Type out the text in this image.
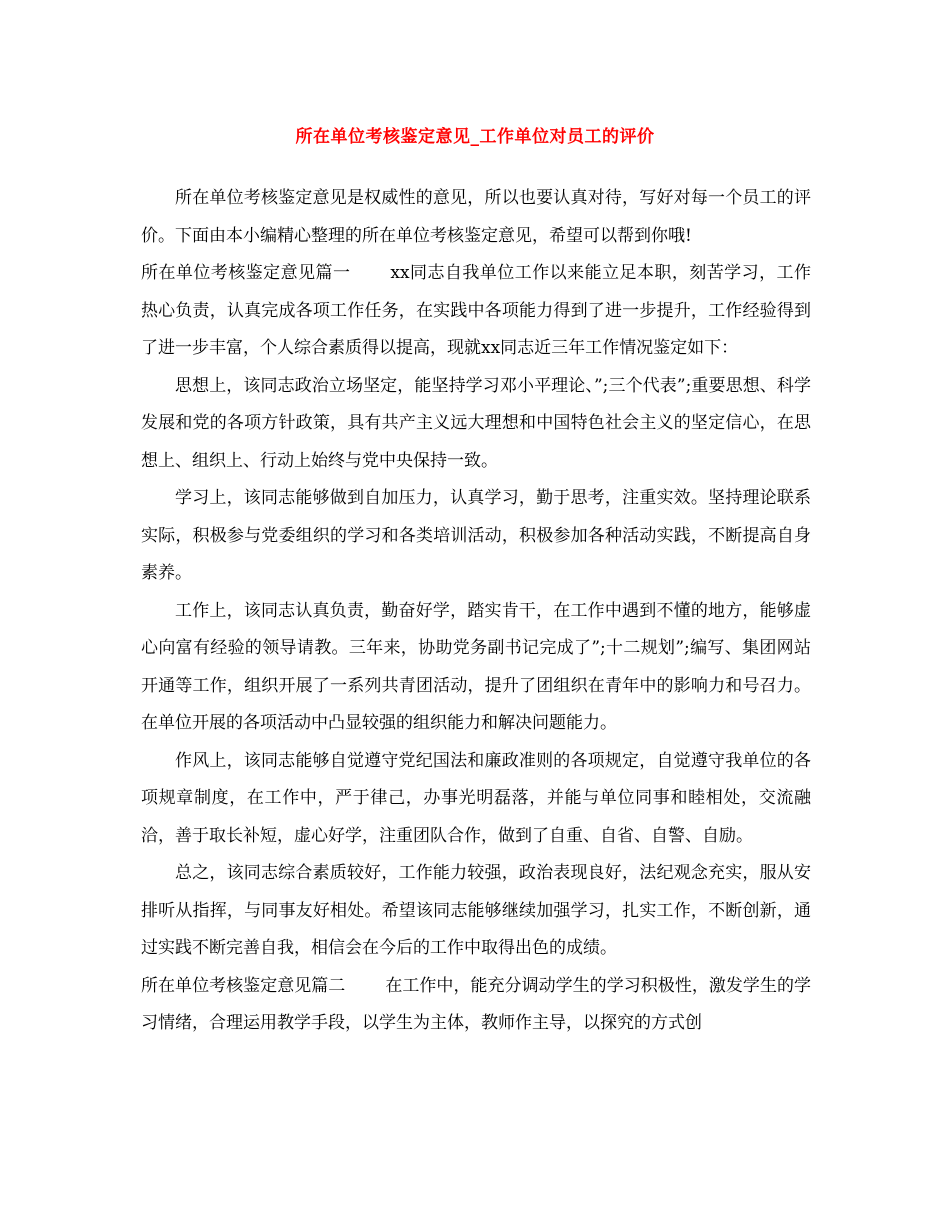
所在单位考核鉴定意见_工作单位对员工的评价

所在单位考核鉴定意见是权威性的意见，所以也要认真对待，写好对每一个员工的评价。下面由本小编精心整理的所在单位考核鉴定意见，希望可以帮到你哦!

所在单位考核鉴定意见篇一 xx同志自我单位工作以来能立足本职，刻苦学习，工作热心负责，认真完成各项工作任务，在实践中各项能力得到了进一步提升，工作经验得到了进一步丰富，个人综合素质得以提高，现就xx同志近三年工作情况鉴定如下：

思想上，该同志政治立场坚定，能坚持学习邓小平理论、”;三个代表”;重要思想、科学发展和党的各项方针政策，具有共产主义远大理想和中国特色社会主义的坚定信心，在思想上、组织上、行动上始终与党中央保持一致。

学习上，该同志能够做到自加压力，认真学习，勤于思考，注重实效。坚持理论联系实际，积极参与党委组织的学习和各类培训活动，积极参加各种活动实践，不断提高自身素养。

工作上，该同志认真负责，勤奋好学，踏实肯干，在工作中遇到不懂的地方，能够虚心向富有经验的领导请教。三年来，协助党务副书记完成了”;十二规划”;编写、集团网站开通等工作，组织开展了一系列共青团活动，提升了团组织在青年中的影响力和号召力。在单位开展的各项活动中凸显较强的组织能力和解决问题能力。

作风上，该同志能够自觉遵守党纪国法和廉政准则的各项规定，自觉遵守我单位的各项规章制度，在工作中，严于律己，办事光明磊落，并能与单位同事和睦相处，交流融洽，善于取长补短，虚心好学，注重团队合作，做到了自重、自省、自警、自励。

总之，该同志综合素质较好，工作能力较强，政治表现良好，法纪观念充实，服从安排听从指挥，与同事友好相处。希望该同志能够继续加强学习，扎实工作，不断创新，通过实践不断完善自我，相信会在今后的工作中取得出色的成绩。

所在单位考核鉴定意见篇二 在工作中，能充分调动学生的学习积极性，激发学生的学习情绪，合理运用教学手段，以学生为主体，教师作主导，以探究的方式创
